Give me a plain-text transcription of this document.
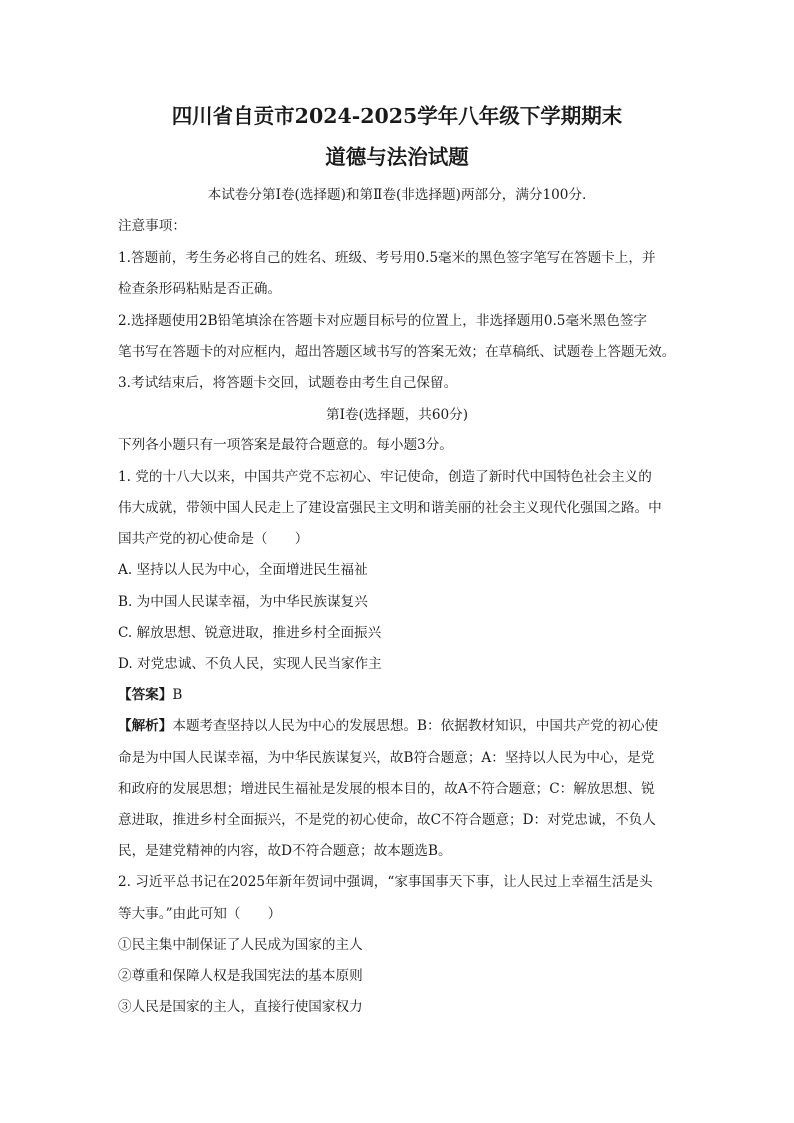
四川省自贡市2024-2025学年八年级下学期期末
道德与法治试题
本试卷分第Ⅰ卷(选择题)和第Ⅱ卷(非选择题)两部分，满分100分.
注意事项：
1.答题前，考生务必将自己的姓名、班级、考号用0.5毫米的黑色签字笔写在答题卡上，并
检查条形码粘贴是否正确。
2.选择题使用2B铅笔填涂在答题卡对应题目标号的位置上，非选择题用0.5毫米黑色签字
笔书写在答题卡的对应框内，超出答题区域书写的答案无效；在草稿纸、试题卷上答题无效。
3.考试结束后，将答题卡交回，试题卷由考生自己保留。
第Ⅰ卷(选择题，共60分)
下列各小题只有一项答案是最符合题意的。每小题3分。
1. 党的十八大以来，中国共产党不忘初心、牢记使命，创造了新时代中国特色社会主义的
伟大成就，带领中国人民走上了建设富强民主文明和谐美丽的社会主义现代化强国之路。中
国共产党的初心使命是（　　）
A. 坚持以人民为中心，全面增进民生福祉
B. 为中国人民谋幸福，为中华民族谋复兴
C. 解放思想、锐意进取，推进乡村全面振兴
D. 对党忠诚、不负人民，实现人民当家作主
【答案】B
【解析】本题考查坚持以人民为中心的发展思想。B：依据教材知识，中国共产党的初心使
命是为中国人民谋幸福，为中华民族谋复兴，故B符合题意；A：坚持以人民为中心，是党
和政府的发展思想；增进民生福祉是发展的根本目的，故A不符合题意；C：解放思想、锐
意进取，推进乡村全面振兴，不是党的初心使命，故C不符合题意；D：对党忠诚，不负人
民，是建党精神的内容，故D不符合题意；故本题选B。
2. 习近平总书记在2025年新年贺词中强调，“家事国事天下事，让人民过上幸福生活是头
等大事。”由此可知（　　）
①民主集中制保证了人民成为国家的主人
②尊重和保障人权是我国宪法的基本原则
③人民是国家的主人，直接行使国家权力
